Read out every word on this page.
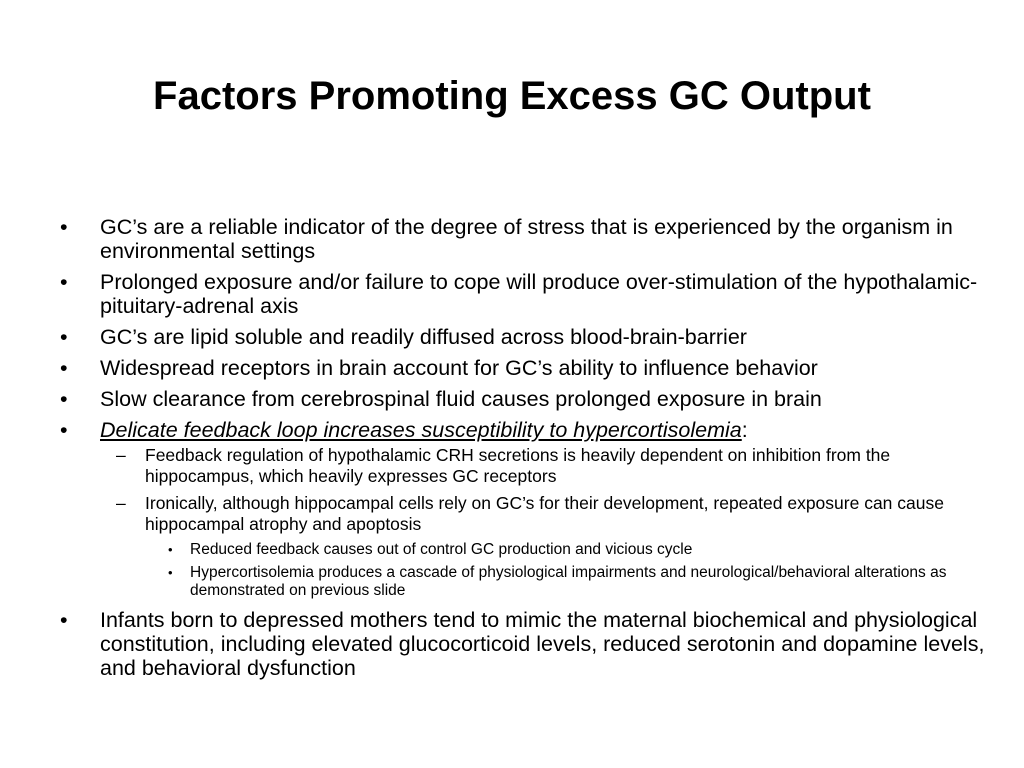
Factors Promoting Excess GC Output
• GC’s are a reliable indicator of the degree of stress that is experienced by the organism in environmental settings
• Prolonged exposure and/or failure to cope will produce over-stimulation of the hypothalamic-pituitary-adrenal axis
• GC’s are lipid soluble and readily diffused across blood-brain-barrier
• Widespread receptors in brain account for GC’s ability to influence behavior
• Slow clearance from cerebrospinal fluid causes prolonged exposure in brain
• Delicate feedback loop increases susceptibility to hypercortisolemia:
– Feedback regulation of hypothalamic CRH secretions is heavily dependent on inhibition from the hippocampus, which heavily expresses GC receptors
– Ironically, although hippocampal cells rely on GC’s for their development, repeated exposure can cause hippocampal atrophy and apoptosis
• Reduced feedback causes out of control GC production and vicious cycle
• Hypercortisolemia produces a cascade of physiological impairments and neurological/behavioral alterations as demonstrated on previous slide
• Infants born to depressed mothers tend to mimic the maternal biochemical and physiological constitution, including elevated glucocorticoid levels, reduced serotonin and dopamine levels, and behavioral dysfunction
